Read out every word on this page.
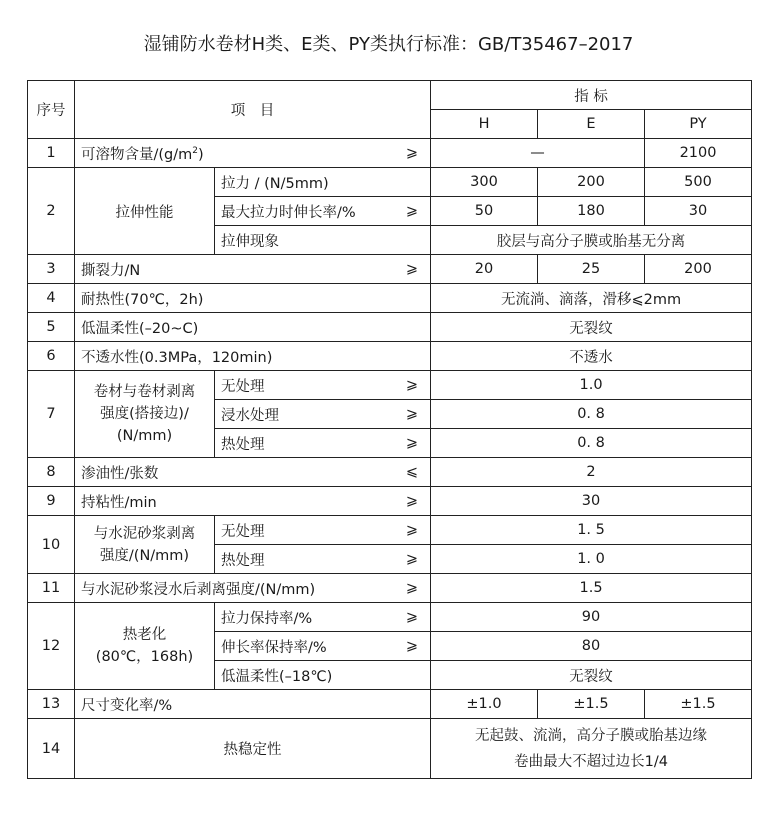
湿铺防水卷材H类、E类、PY类执行标准：GB/T35467–2017
序号	项　目			指 标		
				H	E	PY
1	可溶物含量$/(g/m^2)$		⩾	—		2100
2	拉伸性能	拉力 / (N/5mm)		300	200	500
		最大拉力时伸长率/%	⩾	50	180	30
		拉伸现象		胶层与高分子膜或胎基无分离		
3	撕裂力/N		⩾	20	25	200
4	耐热性(70℃，2h)			无流淌、滴落，滑移⩽2mm		
5	低温柔性(–20~C)			无裂纹		
6	不透水性(0.3MPa，120min)			不透水		
7	卷材与卷材剥离
强度(搭接边)/
(N/mm)	无处理	⩾	1.0		
		浸水处理	⩾	0. 8		
		热处理	⩾	0. 8		
8	渗油性/张数		⩽	2		
9	持粘性/min		⩾	30		
10	与水泥砂浆剥离
强度/(N/mm)	无处理	⩾	1. 5		
		热处理	⩾	1. 0		
11	与水泥砂浆浸水后剥离强度/(N/mm)		⩾	1.5		
12	热老化
(80℃，168h)	拉力保持率/%	⩾	90		
		伸长率保持率/%	⩾	80		
		低温柔性(–18℃)		无裂纹		
13	尺寸变化率/%			±1.0	±1.5	±1.5
14	热稳定性			无起鼓、流淌，高分子膜或胎基边缘
卷曲最大不超过边长1/4		
